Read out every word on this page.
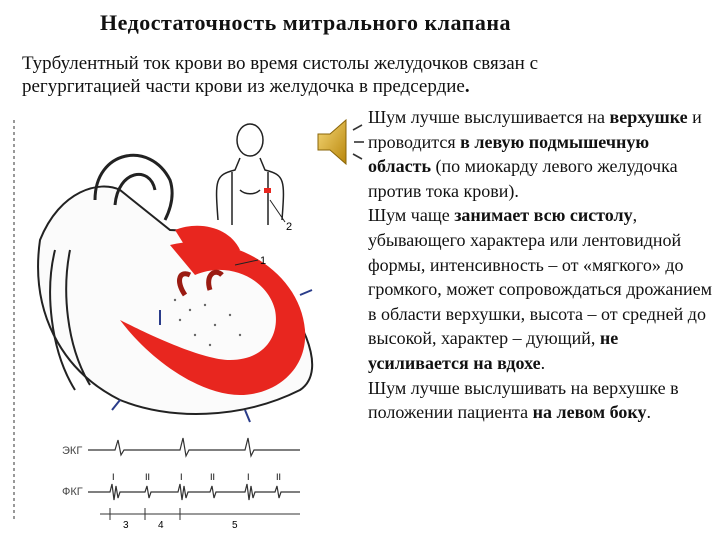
Недостаточность митрального клапана
Турбулентный ток крови во время систолы желудочков связан с
регургитацией части крови из желудочка в предсердие.
1
ЭКГ
ФКГ
I	II	I	II	I	II
3	4	5
2
Шум лучше выслушивается на верхушке и проводится в левую подмышечную область (по миокарду левого желудочка против тока крови).
Шум чаще занимает всю систолу, убывающего характера или лентовидной формы, интенсивность – от «мягкого» до громкого, может сопровождаться дрожанием в области верхушки, высота – от средней до высокой, характер – дующий, не усиливается на вдохе.
Шум лучше выслушивать на верхушке в положении пациента на левом боку.
